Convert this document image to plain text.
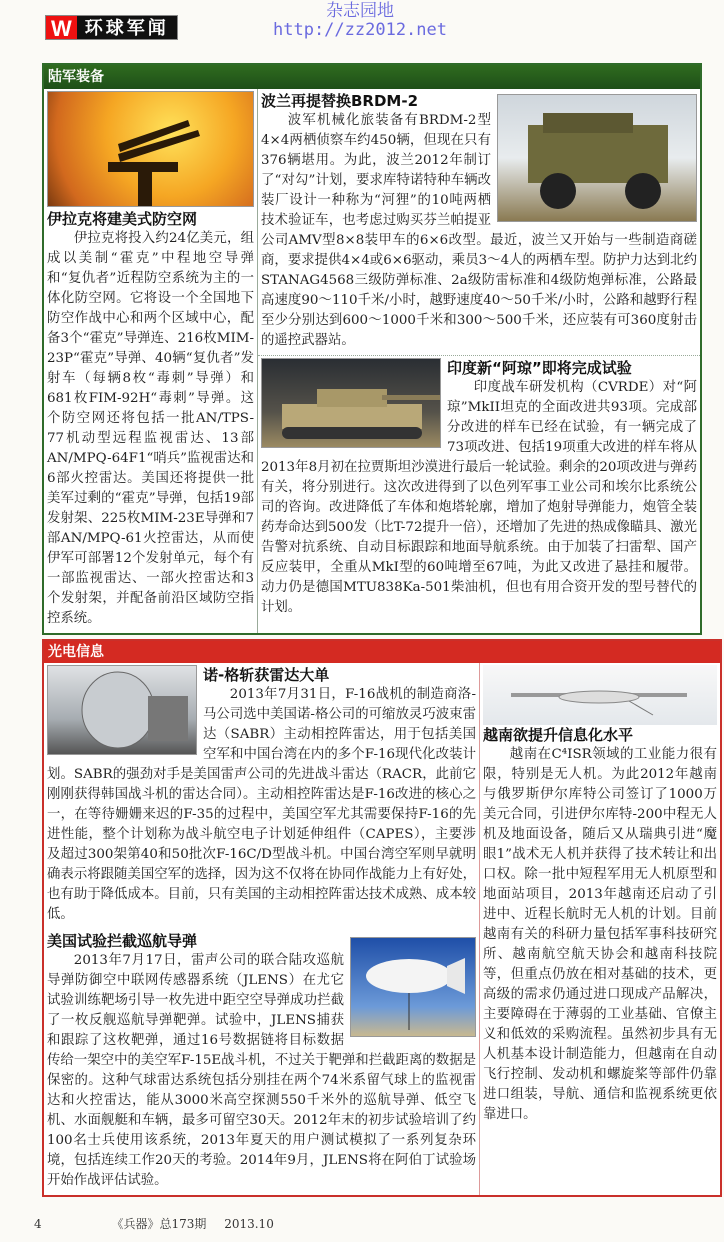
W 环球军闻
杂志园地
http://zz2012.net
陆军装备
伊拉克将建美式防空网

伊拉克将投入约24亿美元，组成以美制“霍克”中程地空导弹和“复仇者”近程防空系统为主的一体化防空网。它将设一个全国地下防空作战中心和两个区域中心，配备3个“霍克”导弹连、216枚MIM-23P“霍克”导弹、40辆“复仇者”发射车（每辆8枚“毒刺”导弹）和681枚FIM-92H“毒刺”导弹。这个防空网还将包括一批AN/TPS-77机动型远程监视雷达、13部AN/MPQ-64F1“哨兵”监视雷达和6部火控雷达。美国还将提供一批美军过剩的“霍克”导弹，包括19部发射架、225枚MIM-23E导弹和7部AN/MPQ-61火控雷达，从而使伊军可部署12个发射单元，每个有一部监视雷达、一部火控雷达和3个发射架，并配备前沿区域防空指控系统。

波兰再提替换BRDM-2

波军机械化旅装备有BRDM-2型4×4两栖侦察车约450辆，但现在只有376辆堪用。为此，波兰2012年制订了“对勾”计划，要求库特诺特种车辆改装厂设计一种称为“河狸”的10吨两栖技术验证车，也考虑过购买芬兰帕提亚公司AMV型8×8装甲车的6×6改型。最近，波兰又开始与一些制造商磋商，要求提供4×4或6×6驱动，乘员3～4人的两栖车型。防护力达到北约STANAG4568三级防弹标准、2a级防雷标准和4级防炮弹标准，公路最高速度90～110千米/小时，越野速度40～50千米/小时，公路和越野行程至少分别达到600～1000千米和300～500千米，还应装有可360度射击的遥控武器站。

印度新“阿琼”即将完成试验

印度战车研发机构（CVRDE）对“阿琼”MkII坦克的全面改进共93项。完成部分改进的样车已经在试验，有一辆完成了73项改进、包括19项重大改进的样车将从2013年8月初在拉贾斯坦沙漠进行最后一轮试验。剩余的20项改进与弹药有关，将分别进行。这次改进得到了以色列军事工业公司和埃尔比系统公司的咨询。改进降低了车体和炮塔轮廓，增加了炮射导弹能力，炮管全装药寿命达到500发（比T-72提升一倍），还增加了先进的热成像瞄具、激光告警对抗系统、自动目标跟踪和地面导航系统。由于加装了扫雷犁、国产反应装甲，全重从MkI型的60吨增至67吨，为此又改进了悬挂和履带。动力仍是德国MTU838Ka-501柴油机，但也有用合资开发的型号替代的计划。

光电信息
诺-格斩获雷达大单

2013年7月31日，F-16战机的制造商洛-马公司选中美国诺-格公司的可缩放灵巧波束雷达（SABR）主动相控阵雷达，用于包括美国空军和中国台湾在内的多个F-16现代化改装计划。SABR的强劲对手是美国雷声公司的先进战斗雷达（RACR，此前它刚刚获得韩国战斗机的雷达合同）。主动相控阵雷达是F-16改进的核心之一，在等待姗姗来迟的F-35的过程中，美国空军尤其需要保持F-16的先进性能，整个计划称为战斗航空电子计划延伸组件（CAPES），主要涉及超过300架第40和50批次F-16C/D型战斗机。中国台湾空军则早就明确表示将跟随美国空军的选择，因为这不仅将在协同作战能力上有好处，也有助于降低成本。目前，只有美国的主动相控阵雷达技术成熟、成本较低。

美国试验拦截巡航导弹

2013年7月17日，雷声公司的联合陆攻巡航导弹防御空中联网传感器系统（JLENS）在尤它试验训练靶场引导一枚先进中距空空导弹成功拦截了一枚反舰巡航导弹靶弹。试验中，JLENS捕获和跟踪了这枚靶弹，通过16号数据链将目标数据传给一架空中的美空军F-15E战斗机，不过关于靶弹和拦截距离的数据是保密的。这种气球雷达系统包括分别挂在两个74米系留气球上的监视雷达和火控雷达，能从3000米高空探测550千米外的巡航导弹、低空飞机、水面舰艇和车辆，最多可留空30天。2012年末的初步试验培训了约100名士兵使用该系统，2013年夏天的用户测试模拟了一系列复杂环境，包括连续工作20天的考验。2014年9月，JLENS将在阿伯丁试验场开始作战评估试验。

越南欲提升信息化水平

越南在C⁴ISR领域的工业能力很有限，特别是无人机。为此2012年越南与俄罗斯伊尔库特公司签订了1000万美元合同，引进伊尔库特-200中程无人机及地面设备，随后又从瑞典引进“魔眼1”战术无人机并获得了技术转让和出口权。除一批中短程军用无人机原型和地面站项目，2013年越南还启动了引进中、近程长航时无人机的计划。目前越南有关的科研力量包括军事科技研究所、越南航空航天协会和越南科技院等，但重点仍放在相对基础的技术，更高级的需求仍通过进口现成产品解决，主要障碍在于薄弱的工业基础、官僚主义和低效的采购流程。虽然初步具有无人机基本设计制造能力，但越南在自动飞行控制、发动机和螺旋桨等部件仍靠进口组装，导航、通信和监视系统更依靠进口。

4	《兵器》总173期 2013.10
